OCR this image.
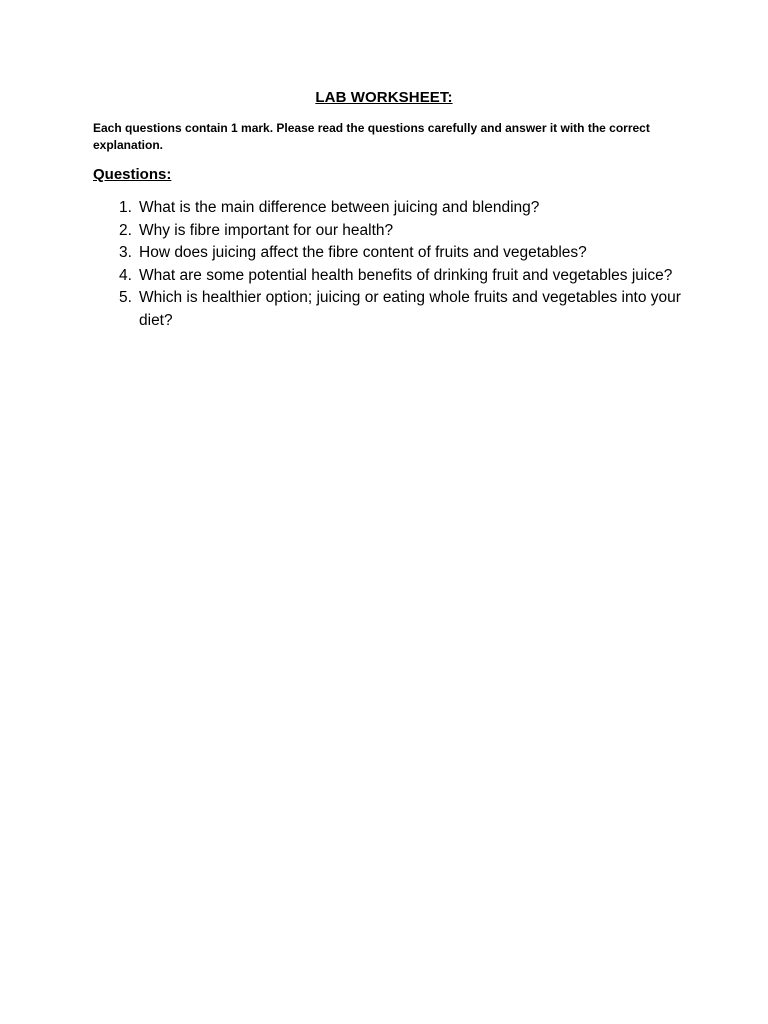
LAB WORKSHEET:
Each questions contain 1 mark. Please read the questions carefully and answer it with the correct explanation.
Questions:
1. What is the main difference between juicing and blending?
2. Why is fibre important for our health?
3. How does juicing affect the fibre content of fruits and vegetables?
4. What are some potential health benefits of drinking fruit and vegetables juice?
5. Which is healthier option; juicing or eating whole fruits and vegetables into your diet?
